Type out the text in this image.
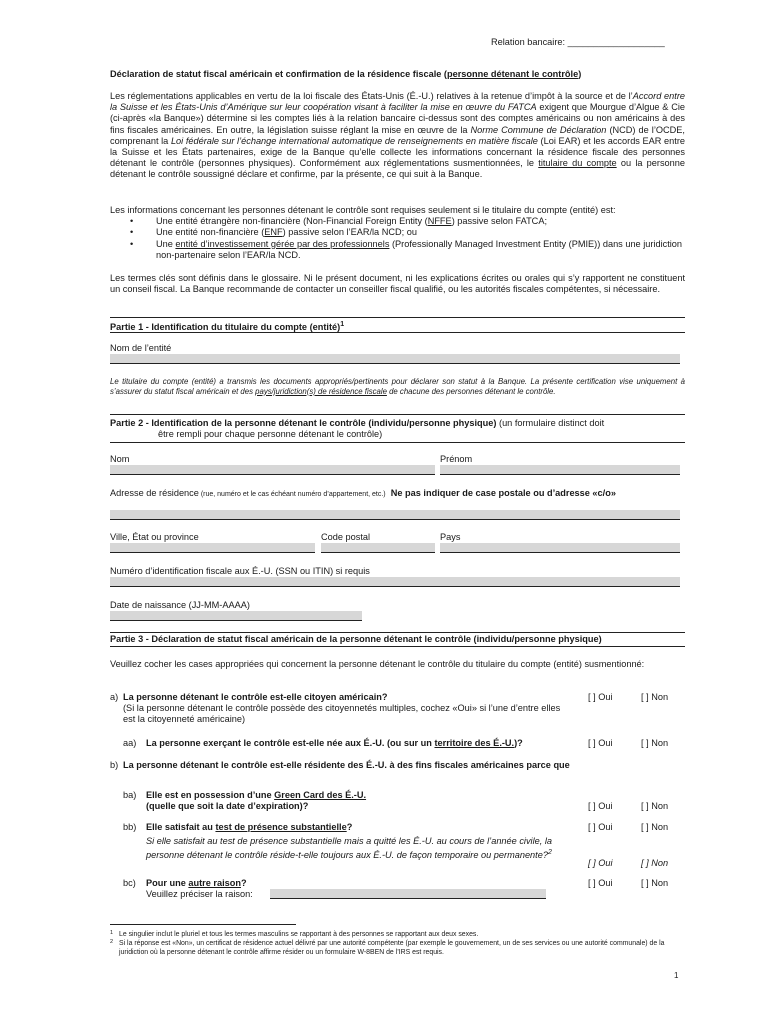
Relation bancaire: ___________________
Déclaration de statut fiscal américain et confirmation de la résidence fiscale (personne détenant le contrôle)
Les réglementations applicables en vertu de la loi fiscale des États-Unis (É.-U.) relatives à la retenue d’impôt à la source et de l’Accord entre la Suisse et les États-Unis d’Amérique sur leur coopération visant à faciliter la mise en œuvre du FATCA exigent que Mourgue d’Algue & Cie (ci-après «la Banque») détermine si les comptes liés à la relation bancaire ci-dessus sont des comptes américains ou non américains à des fins fiscales américaines. En outre, la législation suisse réglant la mise en œuvre de la Norme Commune de Déclaration (NCD) de l’OCDE, comprenant la Loi fédérale sur l’échange international automatique de renseignements en matière fiscale (Loi EAR) et les accords EAR entre la Suisse et les États partenaires, exige de la Banque qu’elle collecte les informations concernant la résidence fiscale des personnes détenant le contrôle (personnes physiques). Conformément aux réglementations susmentionnées, le titulaire du compte ou la personne détenant le contrôle soussigné déclare et confirme, par la présente, ce qui suit à la Banque.
Les informations concernant les personnes détenant le contrôle sont requises seulement si le titulaire du compte (entité) est:
• Une entité étrangère non-financière (Non-Financial Foreign Entity (NFFE) passive selon FATCA;
• Une entité non-financière (ENF) passive selon l’EAR/la NCD; ou
• Une entité d’investissement gérée par des professionnels (Professionally Managed Investment Entity (PMIE)) dans une juridiction non-partenaire selon l’EAR/la NCD.
Les termes clés sont définis dans le glossaire. Ni le présent document, ni les explications écrites ou orales qui s’y rapportent ne constituent un conseil fiscal. La Banque recommande de contacter un conseiller fiscal qualifié, ou les autorités fiscales compétentes, si nécessaire.
Partie 1 - Identification du titulaire du compte (entité)$^1$
Nom de l’entité
Le titulaire du compte (entité) a transmis les documents appropriés/pertinents pour déclarer son statut à la Banque. La présente certification vise uniquement à s’assurer du statut fiscal américain et des pays/juridiction(s) de résidence fiscale de chacune des personnes détenant le contrôle.
Partie 2 - Identification de la personne détenant le contrôle (individu/personne physique) (un formulaire distinct doit
être rempli pour chaque personne détenant le contrôle)
Nom	Prénom
Adresse de résidence (rue, numéro et le cas échéant numéro d’appartement, etc.) Ne pas indiquer de case postale ou d’adresse «c/o»
Ville, État ou province	Code postal	Pays
Numéro d’identification fiscale aux É.-U. (SSN ou ITIN) si requis
Date de naissance (JJ-MM-AAAA)
Partie 3 - Déclaration de statut fiscal américain de la personne détenant le contrôle (individu/personne physique)
Veuillez cocher les cases appropriées qui concernent la personne détenant le contrôle du titulaire du compte (entité) susmentionné:
a) La personne détenant le contrôle est-elle citoyen américain?
(Si la personne détenant le contrôle possède des citoyennetés multiples, cochez «Oui» si l’une d’entre elles est la citoyenneté américaine)
[ ] Oui	[ ] Non
aa) La personne exerçant le contrôle est-elle née aux É.-U. (ou sur un territoire des É.-U.)?	[ ] Oui	[ ] Non
b) La personne détenant le contrôle est-elle résidente des É.-U. à des fins fiscales américaines parce que
ba) Elle est en possession d’une Green Card des É.-U.
(quelle que soit la date d’expiration)?	[ ] Oui	[ ] Non
bb) Elle satisfait au test de présence substantielle?	[ ] Oui	[ ] Non
Si elle satisfait au test de présence substantielle mais a quitté les É.-U. au cours de l’année civile, la personne détenant le contrôle réside-t-elle toujours aux É.-U. de façon temporaire ou permanente?$^2$
[ ] Oui	[ ] Non
bc) Pour une autre raison?	[ ] Oui	[ ] Non
Veuillez préciser la raison:
1 Le singulier inclut le pluriel et tous les termes masculins se rapportant à des personnes se rapportant aux deux sexes.
2 Si la réponse est «Non», un certificat de résidence actuel délivré par une autorité compétente (par exemple le gouvernement, un de ses services ou une autorité communale) de la juridiction où la personne détenant le contrôle affirme résider ou un formulaire W-8BEN de l’IRS est requis.
1
